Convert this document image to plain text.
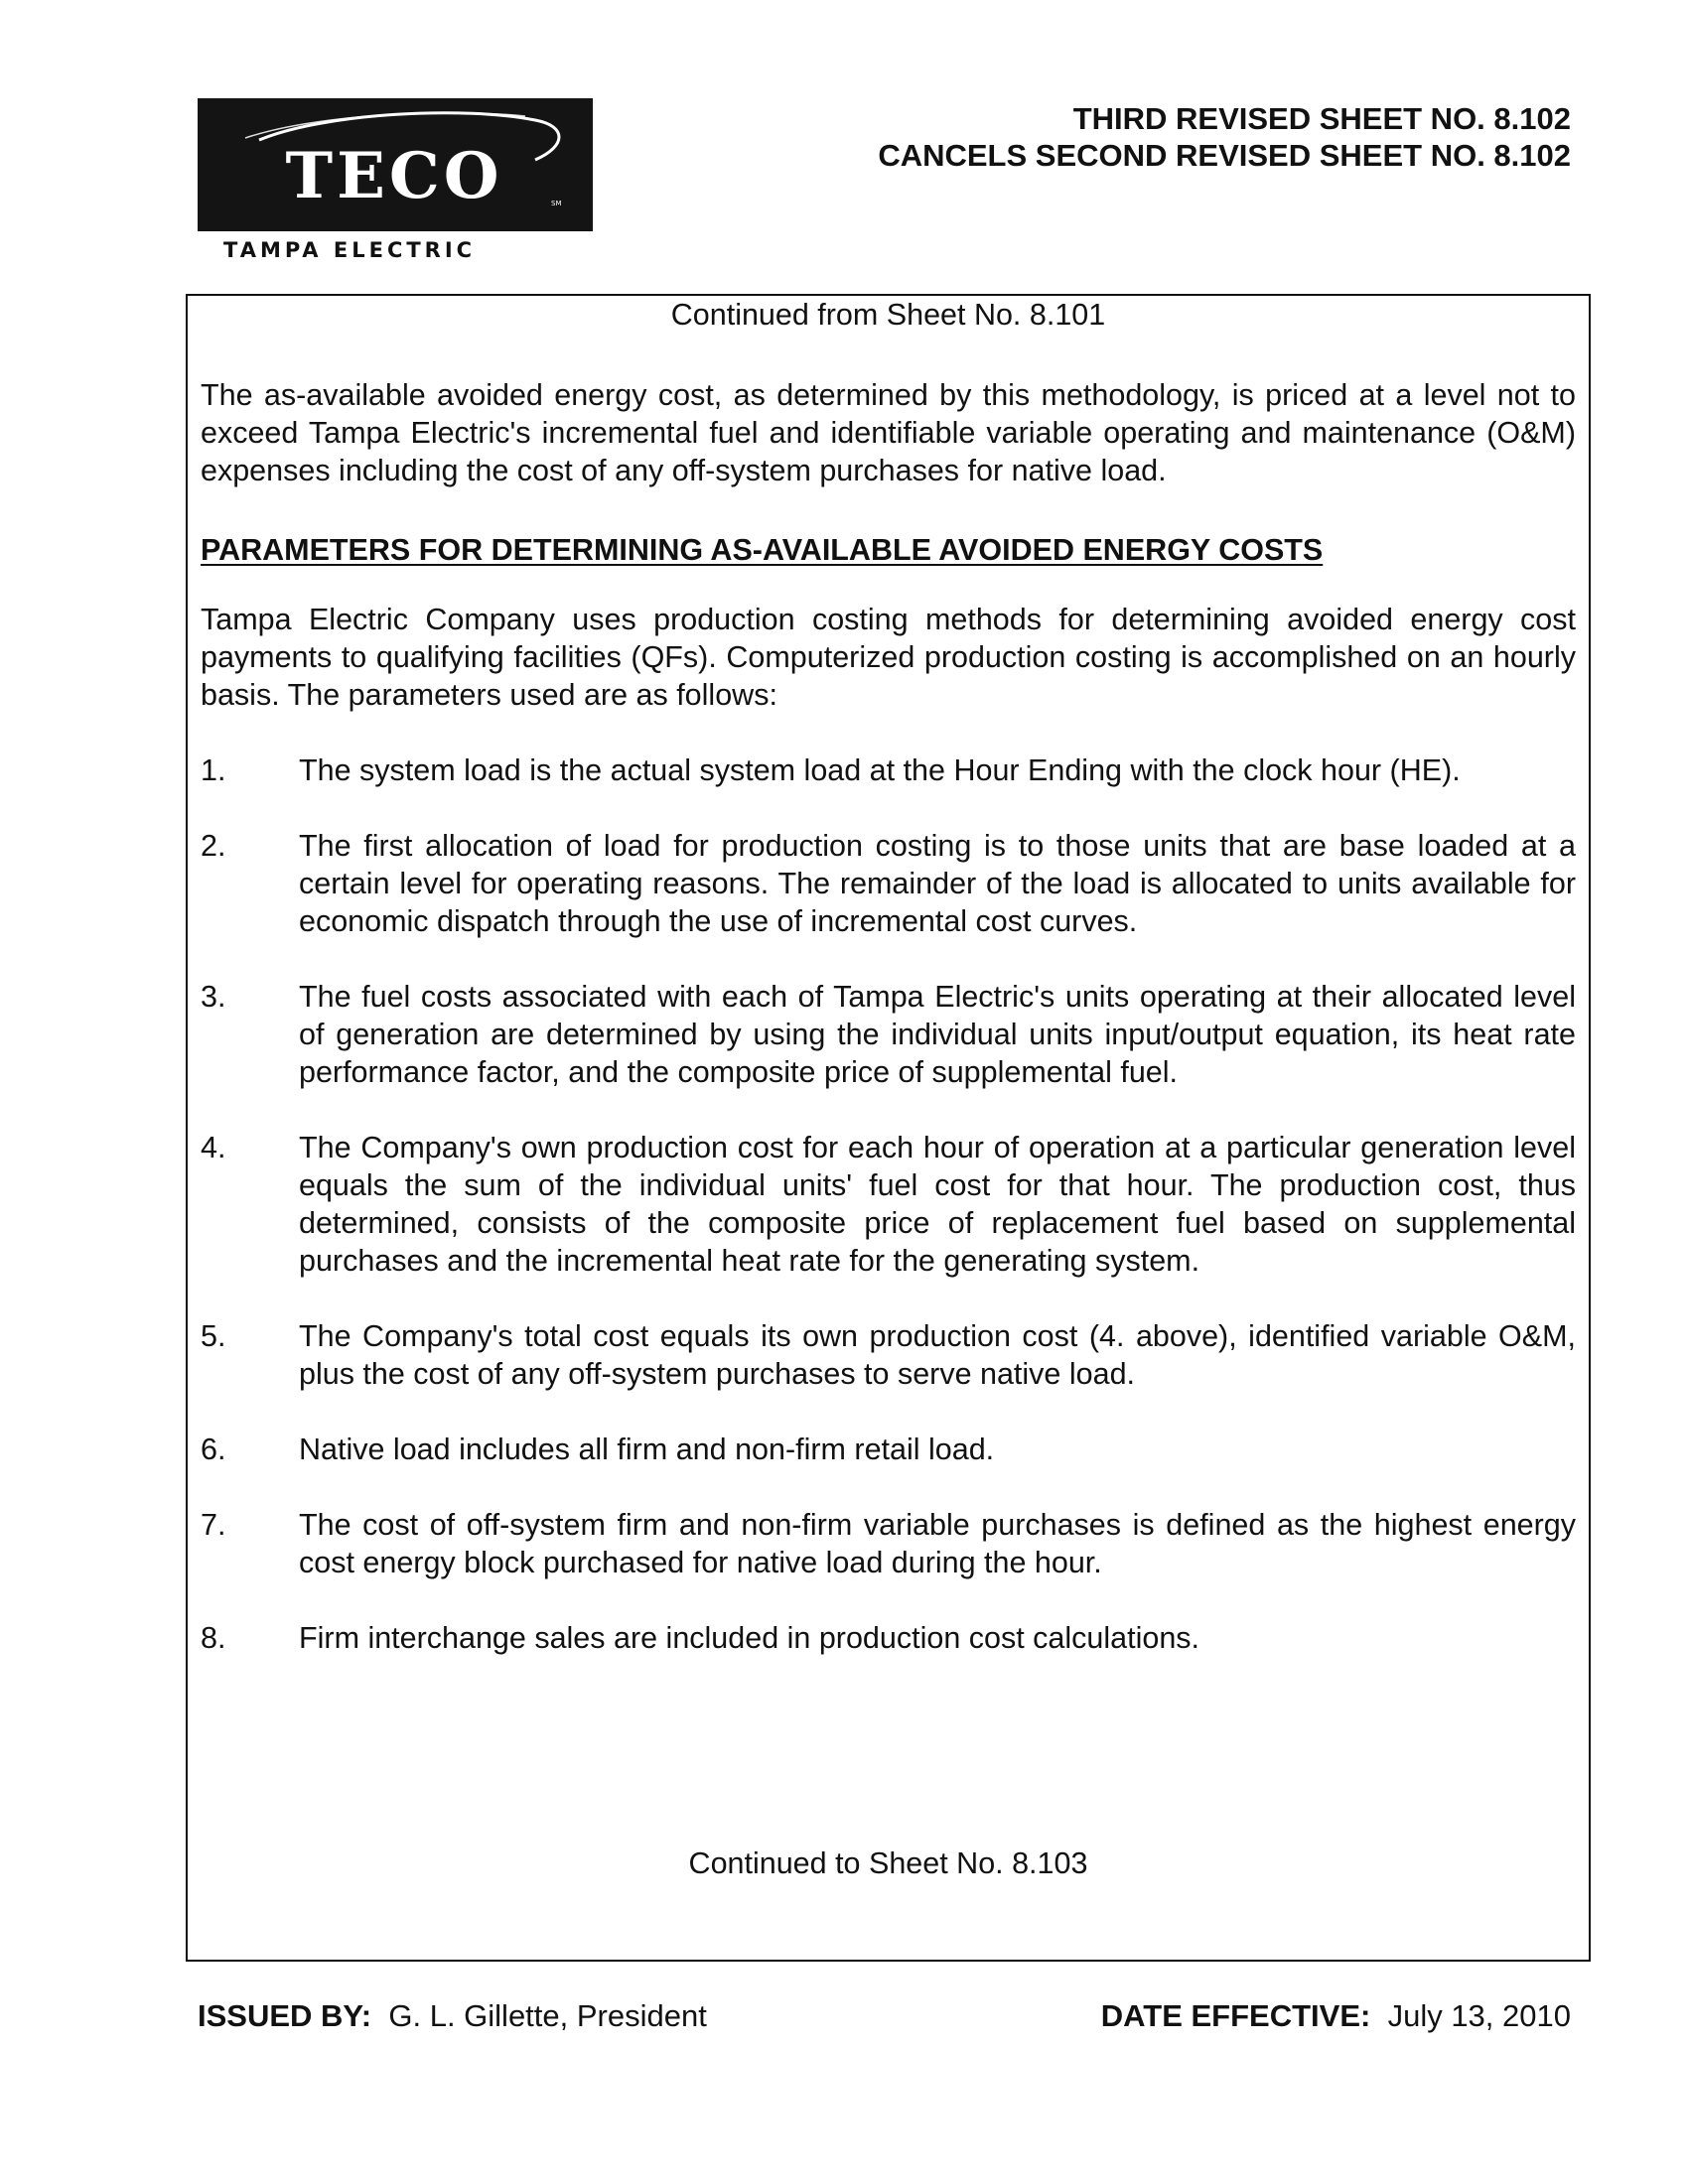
TECO	SM
TAMPA ELECTRIC
THIRD REVISED SHEET NO. 8.102
CANCELS SECOND REVISED SHEET NO. 8.102
Continued from Sheet No. 8.101

The as-available avoided energy cost, as determined by this methodology, is priced at a level not to exceed Tampa Electric's incremental fuel and identifiable variable operating and maintenance (O&M) expenses including the cost of any off-system purchases for native load.

PARAMETERS FOR DETERMINING AS-AVAILABLE AVOIDED ENERGY COSTS

Tampa Electric Company uses production costing methods for determining avoided energy cost payments to qualifying facilities (QFs). Computerized production costing is accomplished on an hourly basis. The parameters used are as follows:

1.	The system load is the actual system load at the Hour Ending with the clock hour (HE).
2.	The first allocation of load for production costing is to those units that are base loaded at a certain level for operating reasons. The remainder of the load is allocated to units available for economic dispatch through the use of incremental cost curves.
3.	The fuel costs associated with each of Tampa Electric's units operating at their allocated level of generation are determined by using the individual units input/output equation, its heat rate performance factor, and the composite price of supplemental fuel.
4.	The Company's own production cost for each hour of operation at a particular generation level equals the sum of the individual units' fuel cost for that hour. The production cost, thus determined, consists of the composite price of replacement fuel based on supplemental purchases and the incremental heat rate for the generating system.
5.	The Company's total cost equals its own production cost (4. above), identified variable O&M, plus the cost of any off-system purchases to serve native load.
6.	Native load includes all firm and non-firm retail load.
7.	The cost of off-system firm and non-firm variable purchases is defined as the highest energy cost energy block purchased for native load during the hour.
8.	Firm interchange sales are included in production cost calculations.
Continued to Sheet No. 8.103
ISSUED BY: G. L. Gillette, President	DATE EFFECTIVE: July 13, 2010
